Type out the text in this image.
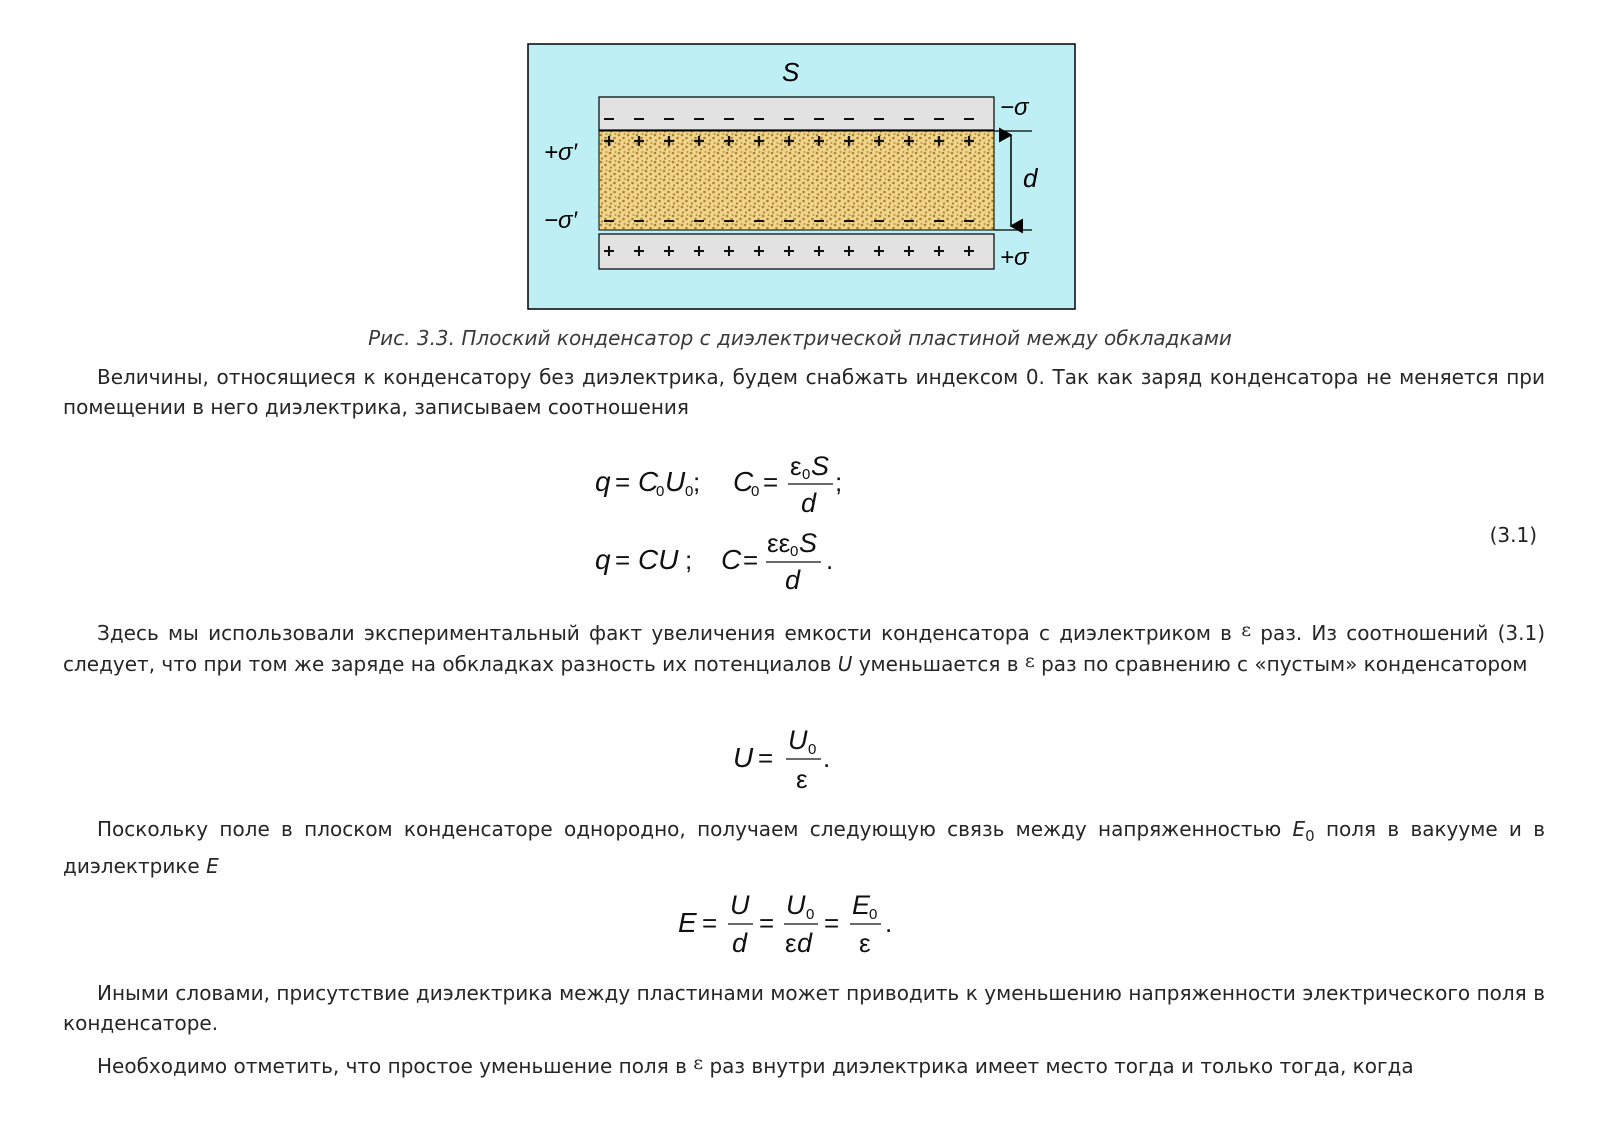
S
d
−σ
+σ
+σ′
−σ′
Рис. 3.3. Плоский конденсатор с диэлектрической пластиной между обкладками

Величины, относящиеся к конденсатору без диэлектрика, будем снабжать индексом 0. Так как заряд конденсатора не меняется при помещении в него диэлектрика, записываем соотношения

q = C
0 U 0 ; C
0 =
ε 0 S
d
;
q = CU ; C =
εε 0 S
d
.
(3.1)

Здесь мы использовали экспериментальный факт увеличения емкости конденсатора с диэлектриком в ε раз. Из соотношений (3.1) следует, что при том же заряде на обкладках разность их потенциалов U уменьшается в ε раз по сравнению с «пустым» конденсатором

U =
U 0
ε
.

Поскольку поле в плоском конденсаторе однородно, получаем следующую связь между напряженностью $E_0$ поля в вакууме и в диэлектрике E

E =
U
d
=
U 0
ε d
=
E
0
ε
.

Иными словами, присутствие диэлектрика между пластинами может приводить к уменьшению напряженности электрического поля в конденсаторе.

Необходимо отметить, что простое уменьшение поля в ε раз внутри диэлектрика имеет место тогда и только тогда, когда
